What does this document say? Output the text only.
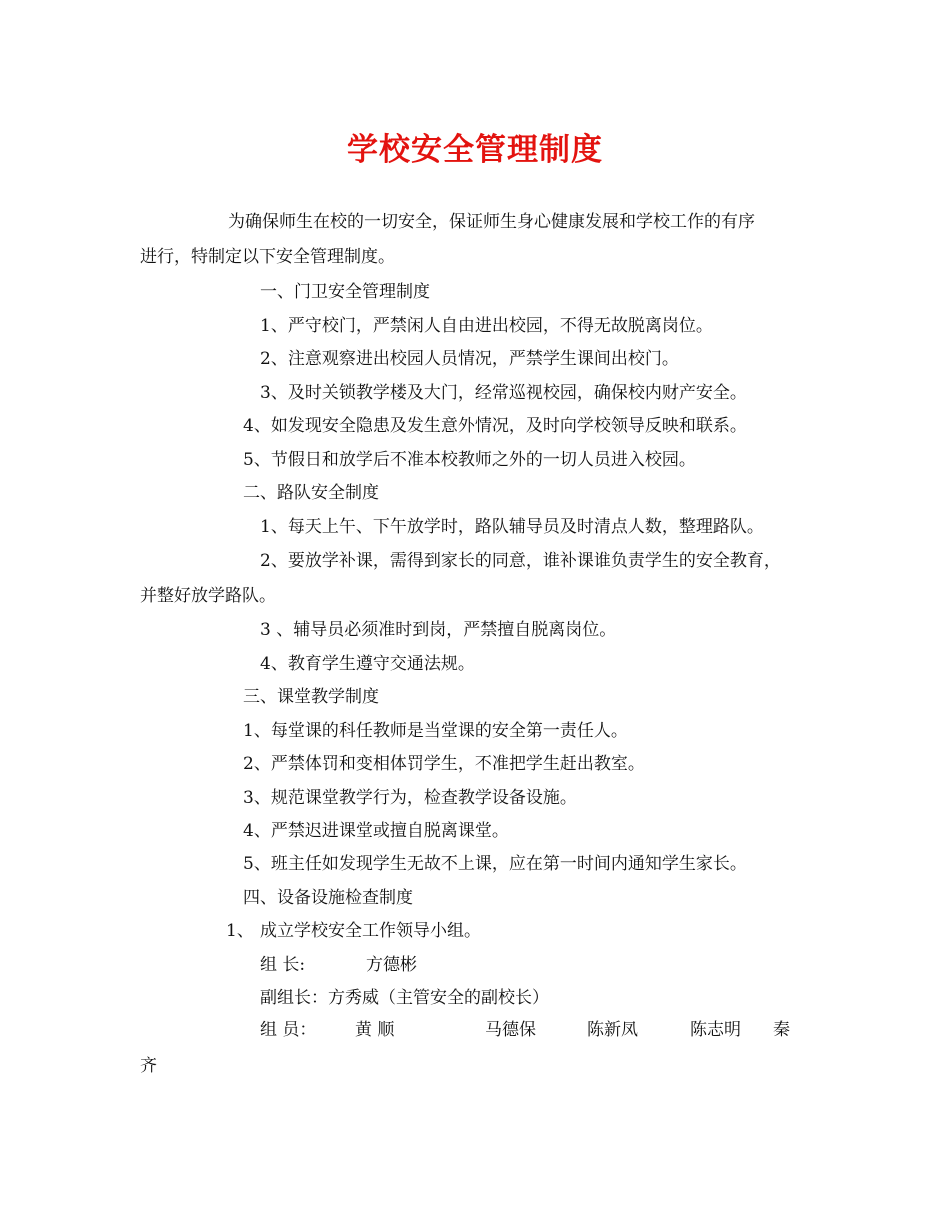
学校安全管理制度
为确保师生在校的一切安全，保证师生身心健康发展和学校工作的有序
进行，特制定以下安全管理制度。
一、门卫安全管理制度
1、严守校门，严禁闲人自由进出校园，不得无故脱离岗位。
2、注意观察进出校园人员情况，严禁学生课间出校门。
3、及时关锁教学楼及大门，经常巡视校园，确保校内财产安全。
4、如发现安全隐患及发生意外情况，及时向学校领导反映和联系。
5、节假日和放学后不准本校教师之外的一切人员进入校园。
二、路队安全制度
1、每天上午、下午放学时，路队辅导员及时清点人数，整理路队。
2、要放学补课，需得到家长的同意，谁补课谁负责学生的安全教育，
并整好放学路队。
3 、辅导员必须准时到岗，严禁擅自脱离岗位。
4、教育学生遵守交通法规。
三、课堂教学制度
1、每堂课的科任教师是当堂课的安全第一责任人。
2、严禁体罚和变相体罚学生，不准把学生赶出教室。
3、规范课堂教学行为，检查教学设备设施。
4、严禁迟进课堂或擅自脱离课堂。
5、班主任如发现学生无故不上课，应在第一时间内通知学生家长。
四、设备设施检查制度
1、 成立学校安全工作领导小组。
组 长:	方德彬
副组长：方秀威（主管安全的副校长）
组 员： 黄 顺	马德保	陈新凤	陈志明 秦
齐
